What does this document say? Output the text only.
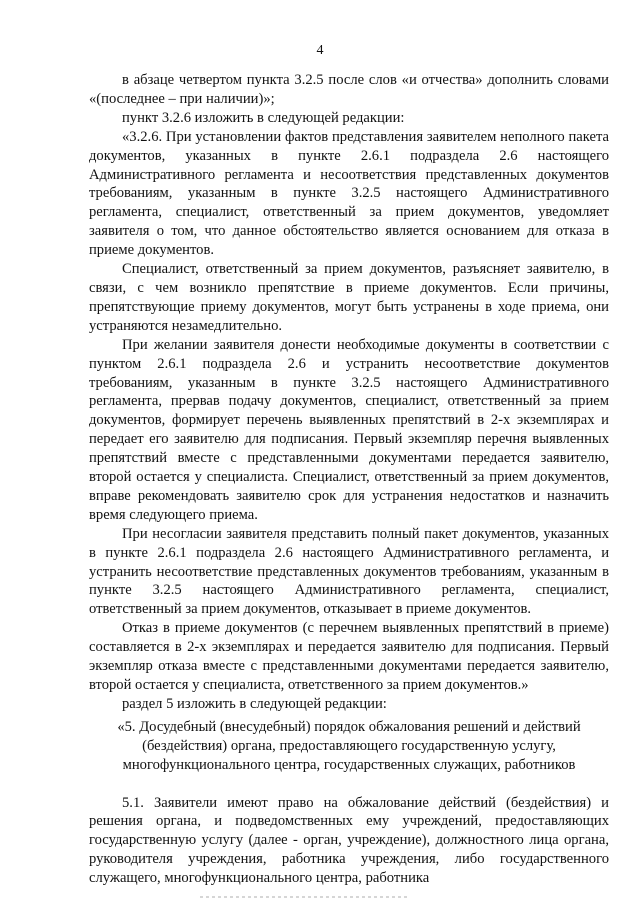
4

в абзаце четвертом пункта 3.2.5 после слов «и отчества» дополнить словами «(последнее – при наличии)»;

пункт 3.2.6 изложить в следующей редакции:

«3.2.6. При установлении фактов представления заявителем неполного пакета документов, указанных в пункте 2.6.1 подраздела 2.6 настоящего Административного регламента и несоответствия представленных документов требованиям, указанным в пункте 3.2.5 настоящего Административного регламента, специалист, ответственный за прием документов, уведомляет заявителя о том, что данное обстоятельство является основанием для отказа в приеме документов.

Специалист, ответственный за прием документов, разъясняет заявителю, в связи, с чем возникло препятствие в приеме документов. Если причины, препятствующие приему документов, могут быть устранены в ходе приема, они устраняются незамедлительно.

При желании заявителя донести необходимые документы в соответствии с пунктом 2.6.1 подраздела 2.6 и устранить несоответствие документов требованиям, указанным в пункте 3.2.5 настоящего Административного регламента, прервав подачу документов, специалист, ответственный за прием документов, формирует перечень выявленных препятствий в 2-х экземплярах и передает его заявителю для подписания. Первый экземпляр перечня выявленных препятствий вместе с представленными документами передается заявителю, второй остается у специалиста. Специалист, ответственный за прием документов, вправе рекомендовать заявителю срок для устранения недостатков и назначить время следующего приема.

При несогласии заявителя представить полный пакет документов, указанных в пункте 2.6.1 подраздела 2.6 настоящего Административного регламента, и устранить несоответствие представленных документов требованиям, указанным в пункте 3.2.5 настоящего Административного регламента, специалист, ответственный за прием документов, отказывает в приеме документов.

Отказ в приеме документов (с перечнем выявленных препятствий в приеме) составляется в 2-х экземплярах и передается заявителю для подписания. Первый экземпляр отказа вместе с представленными документами передается заявителю, второй остается у специалиста, ответственного за прием документов.»

раздел 5 изложить в следующей редакции:

«5. Досудебный (внесудебный) порядок обжалования решений и действий (бездействия) органа, предоставляющего государственную услугу, многофункционального центра, государственных служащих, работников

5.1. Заявители имеют право на обжалование действий (бездействия) и решения органа, и подведомственных ему учреждений, предоставляющих государственную услугу (далее - орган, учреждение), должностного лица органа, руководителя учреждения, работника учреждения, либо государственного служащего, многофункционального центра, работника
